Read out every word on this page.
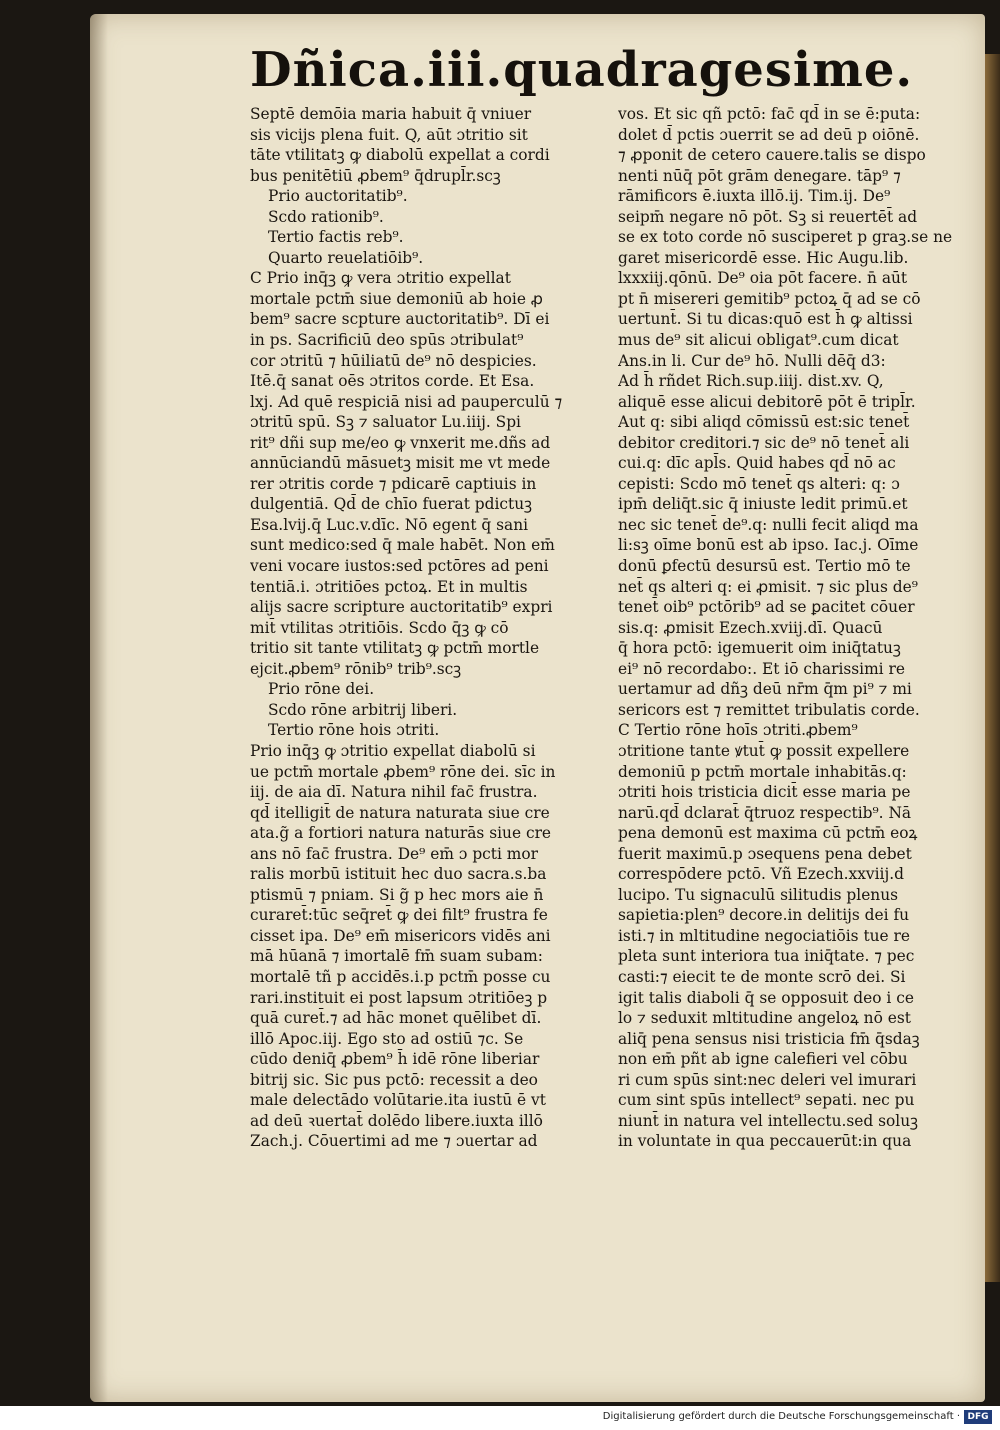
Dñica.iii.quadragesime.
Septē demōia maria habuit q̄ vniuer
sis vicijs plena fuit. Q, aūt ɔtritio sit
tāte vtilitatꝫ ꝙ diabolū expellat a cordi
bus penitētiū ꝓbem⁹ q̄drupl̄r.scꝫ
Prio auctoritatib⁹.
Scdo rationib⁹.
Tertio factis reb⁹.
Quarto reuelatiōib⁹.
C Prio inq̄ꝫ ꝙ vera ɔtritio expellat
mortale pctm̄ siue demoniū ab hoie ꝓ
bem⁹ sacre scpture auctoritatib⁹. Dī ei
in ps. Sacrificiū deo spūs ɔtribulat⁹
cor ɔtritū ⁊ hūiliatū de⁹ nō despicies.
Itē.q̄ sanat oēs ɔtritos corde. Et Esa.
lxj. Ad quē respiciā nisi ad pauperculū ⁊
ɔtritū spū. Sꝫ ⁊ saluator Lu.iiij. Spi
rit⁹ dñi sup me/eo ꝙ vnxerit me.dñs ad
annūciandū māsuetꝫ misit me vt mede
rer ɔtritis corde ⁊ pdicarē captiuis in
dulgentiā. Qd̄ de chīo fuerat pdictuꝫ
Esa.lvij.q̄ Luc.v.dīc. Nō egent q̄ sani
sunt medico:sed q̄ male habēt. Non em̄
veni vocare iustos:sed pctōres ad peni
tentiā.i. ɔtritiōes pctoꝝ. Et in multis
alijs sacre scripture auctoritatib⁹ expri
mit̄ vtilitas ɔtritiōis. Scdo q̄ꝫ ꝙ cō
tritio sit tante vtilitatꝫ ꝙ pctm̄ mortle
ejcit.ꝓbem⁹ rōnib⁹ trib⁹.scꝫ
Prio rōne dei.
Scdo rōne arbitrij liberi.
Tertio rōne hois ɔtriti.
Prio inq̄ꝫ ꝙ ɔtritio expellat diabolū si
ue pctm̄ mortale ꝓbem⁹ rōne dei. sīc in
iij. de aia dī. Natura nihil fac̄ frustra.
qd̄ itelligit̄ de natura naturata siue cre
ata.g̃ a fortiori natura naturās siue cre
ans nō fac̄ frustra. De⁹ em̄ ɔ pcti mor
ralis morbū istituit hec duo sacra.s.ba
ptismū ⁊ pniam. Si g̃ p hec mors aie n̄
curaret̄:tūc seq̄ret̄ ꝙ dei filt⁹ frustra fe
cisset ipa. De⁹ em̄ misericors vidēs ani
mā hūanā ⁊ imortalē fm̄ suam subam:
mortalē tñ p accidēs.i.p pctm̄ posse cu
rari.instituit ei post lapsum ɔtritiōeꝫ p
quā curet̄.⁊ ad hāc monet quēlibet dī.
illō Apoc.iij. Ego sto ad ostiū ⁊c. Se
cūdo deniq̄ ꝓbem⁹ h̄ idē rōne liberiar
bitrij sic. Sic pus pctō: recessit a deo
male delectādo volūtarie.ita iustū ē vt
ad deū ꝛuertat̄ dolēdo libere.iuxta illō
Zach.j. Cōuertimi ad me ⁊ ɔuertar ad
vos. Et sic qñ pctō: fac̄ qd̄ in se ē:puta:
dolet d̄ pctis ɔuerrit se ad deū p oiōnē.
⁊ ꝓponit de cetero cauere.talis se dispo
nenti nūq̄ pōt grām denegare. tāp⁹ ⁊
rāmificors ē.iuxta illō.ij. Tim.ij. De⁹
seipm̄ negare nō pōt. Sꝫ si reuertēt̄ ad
se ex toto corde nō susciperet p graꝫ.se ne
garet misericordē esse. Hic Augu.lib.
lxxxiij.qōnū. De⁹ oia pōt facere. n̄ aūt
pt n̄ misereri gemitib⁹ pctoꝝ q̄ ad se cō
uertunt̄. Si tu dicas:quō est h̄ ꝙ altissi
mus de⁹ sit alicui obligat⁹.cum dicat
Ans.in li. Cur de⁹ hō. Nulli dēq̄ d3:
Ad h̄ rñdet Rich.sup.iiij. dist.xv. Q,
aliquē esse alicui debitorē pōt ē tripl̄r.
Aut q: sibi aliqd cōmissū est:sic tenet̄
debitor creditori.⁊ sic de⁹ nō tenet̄ ali
cui.q: dīc apl̄s. Quid habes qd̄ nō ac
cepisti: Scdo mō tenet̄ qs alteri: q: ɔ
ipm̄ deliq̄t.sic q̄ iniuste ledit primū.et
nec sic tenet̄ de⁹.q: nulli fecit aliqd ma
li:sꝫ oīme bonū est ab ipso. Iac.j. Oīme
donū ꝑfectū desursū est. Tertio mō te
net̄ qs alteri q: ei ꝓmisit. ⁊ sic plus de⁹
tenet̄ oib⁹ pctōrib⁹ ad se ꝑacitet cōuer
sis.q: ꝓmisit Ezech.xviij.dī. Quacū
q̄ hora pctō: igemuerit oim iniq̄tatuꝫ
ei⁹ nō recordabo:. Et iō charissimi re
uertamur ad dñꝫ deū nr̄m q̄m pi⁹ ⁊ mi
sericors est ⁊ remittet tribulatis corde.
C Tertio rōne hoīs ɔtriti.ꝓbem⁹
ɔtritione tante ꝟtut̄ ꝙ possit expellere
demoniū p pctm̄ mortale inhabitās.q:
ɔtriti hois tristicia dicit̄ esse maria pe
narū.qd̄ dclarat̄ q̄truoz respectib⁹. Nā
pena demonū est maxima cū pctm̄ eoꝝ
fuerit maximū.p ɔsequens pena debet
correspōdere pctō. Vñ Ezech.xxviij.d
lucipo. Tu signaculū silitudis plenus
sapietia:plen⁹ decore.in delitijs dei fu
isti.⁊ in mltitudine negociatiōis tue re
pleta sunt interiora tua iniq̄tate. ⁊ pec
casti:⁊ eiecit te de monte scrō dei. Si
igit talis diaboli q̄ se opposuit deo i ce
lo ⁊ seduxit mltitudine angeloꝝ nō est
aliq̄ pena sensus nisi tristicia fm̄ q̄sdaꝫ
non em̄ pñt ab igne calefieri vel cōbu
ri cum spūs sint:nec deleri vel imurari
cum sint spūs intellect⁹ sepati. nec pu
niunt̄ in natura vel intellectu.sed soluꝫ
in voluntate in qua peccauerūt:in qua
Digitalisierung gefördert durch die Deutsche Forschungsgemeinschaft · DFG
